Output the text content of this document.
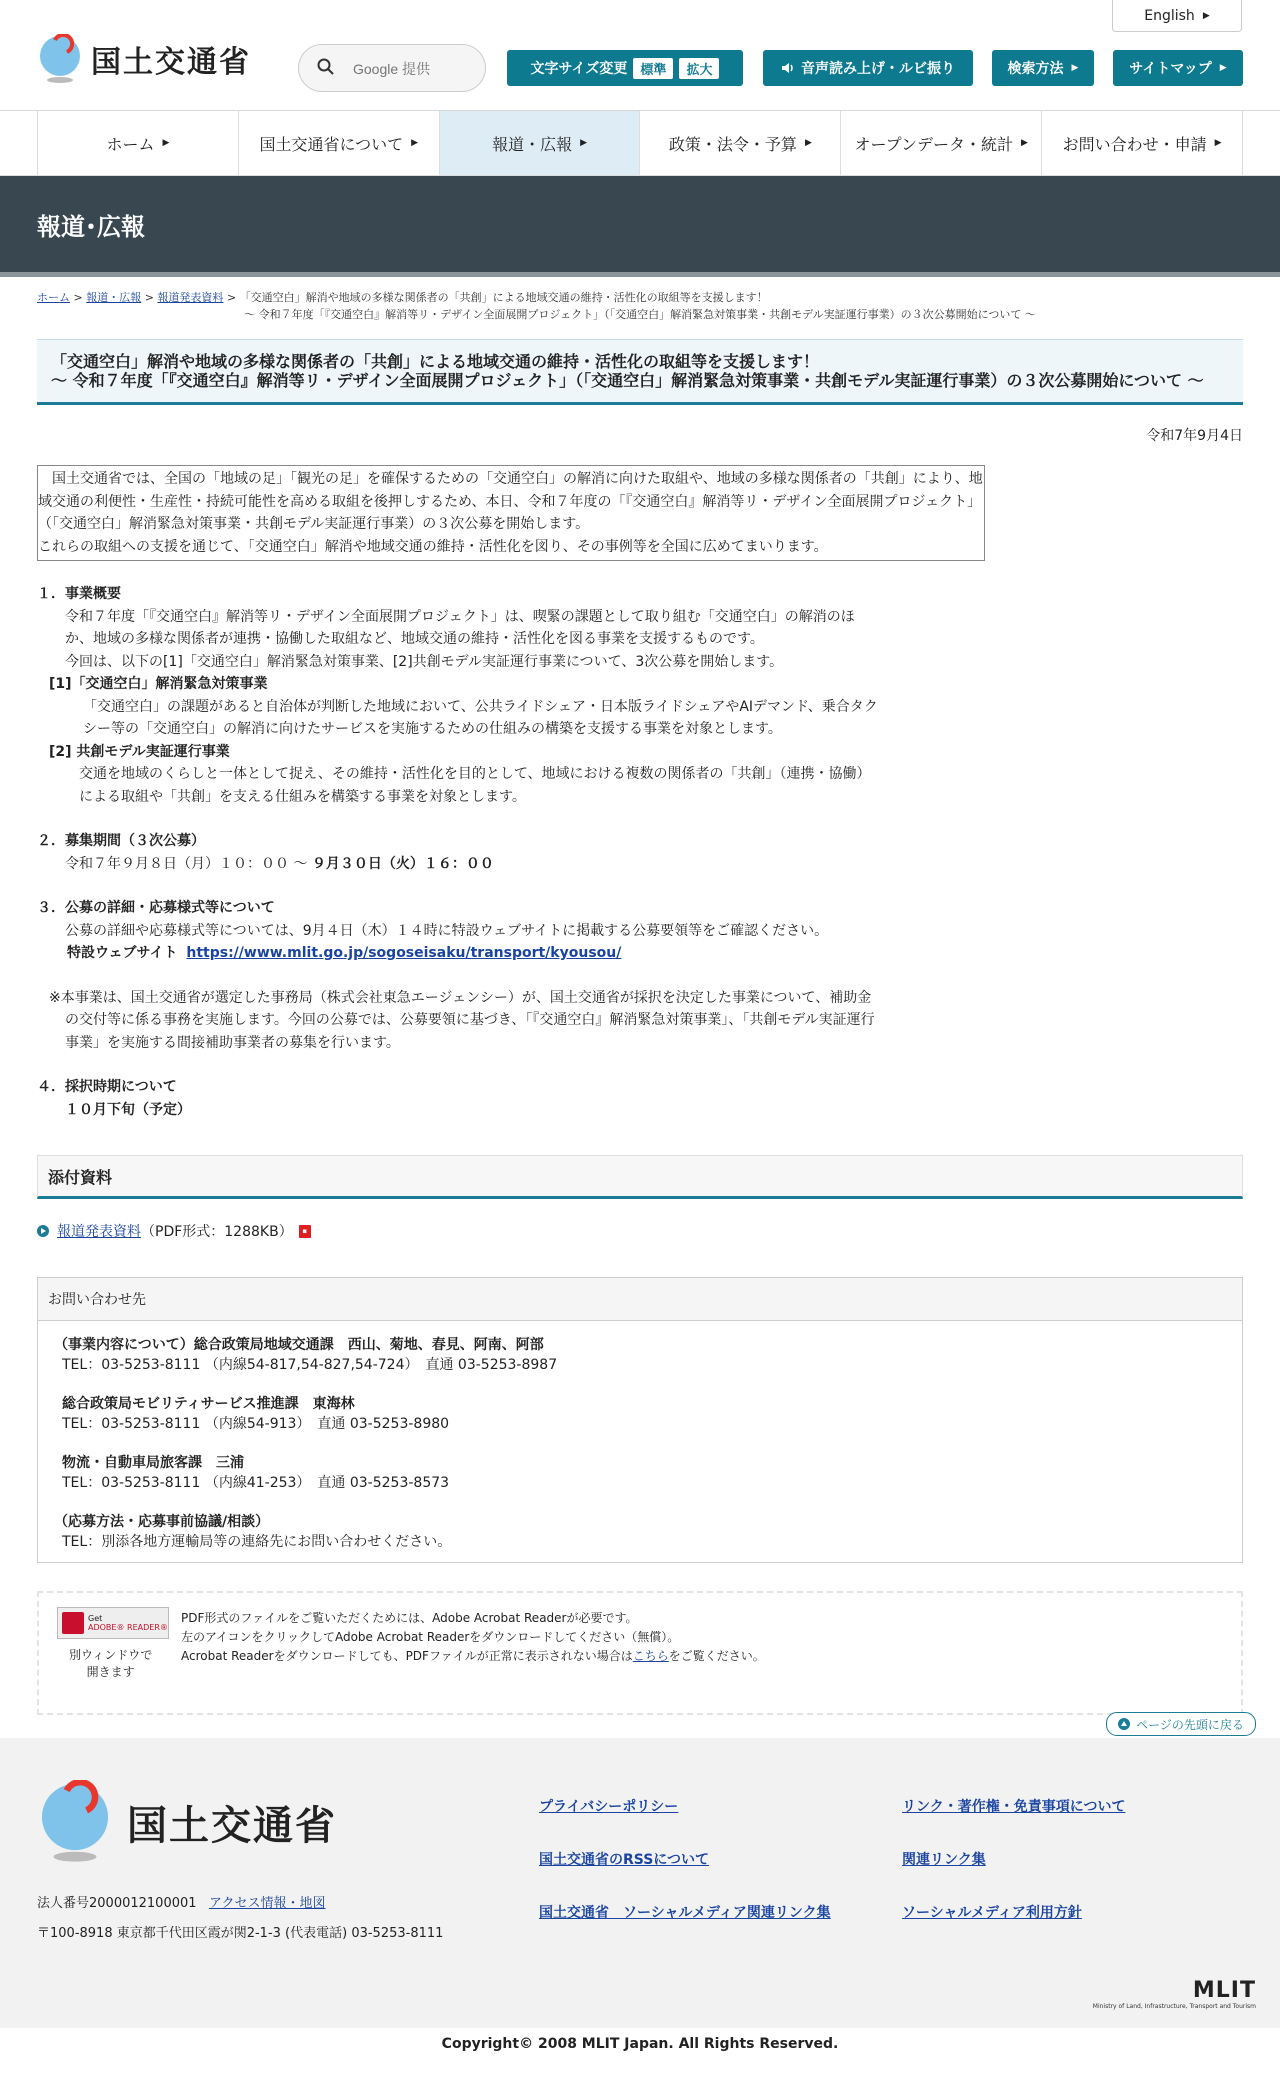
国土交通省
Google 提供
English ▶
文字サイズ変更	標準	拡大	音声読み上げ・ルビ振り	検索方法 ▶	サイトマップ ▶
ホーム ▶	国土交通省について ▶	報道・広報 ▶	政策・法令・予算 ▶	オープンデータ・統計 ▶ お問い合わせ・申請 ▶
報道･広報
ホーム > 報道・広報 > 報道発表資料 > 「交通空白」解消や地域の多様な関係者の「共創」による地域交通の維持・活性化の取組等を支援します！
～ 令和７年度「『交通空白』解消等リ・デザイン全面展開プロジェクト」（「交通空白」解消緊急対策事業・共創モデル実証運行事業）の３次公募開始について ～
「交通空白」解消や地域の多様な関係者の「共創」による地域交通の維持・活性化の取組等を支援します！
～ 令和７年度「『交通空白』解消等リ・デザイン全面展開プロジェクト」（「交通空白」解消緊急対策事業・共創モデル実証運行事業）の３次公募開始について ～
令和7年9月4日

　国土交通省では、全国の「地域の足」「観光の足」を確保するための「交通空白」の解消に向けた取組や、地域の多様な関係者の「共創」により、地域交通の利便性・生産性・持続可能性を高める取組を後押しするため、本日、令和７年度の「『交通空白』解消等リ・デザイン全面展開プロジェクト」（「交通空白」解消緊急対策事業・共創モデル実証運行事業）の３次公募を開始します。

これらの取組への支援を通じて、「交通空白」解消や地域交通の維持・活性化を図り、その事例等を全国に広めてまいります。

１．事業概要

　令和７年度「『交通空白』解消等リ・デザイン全面展開プロジェクト」は、喫緊の課題として取り組む「交通空白」の解消のほ

　か、地域の多様な関係者が連携・協働した取組など、地域交通の維持・活性化を図る事業を支援するものです。

　今回は、以下の[1]「交通空白」解消緊急対策事業、[2]共創モデル実証運行事業について、3次公募を開始します。

[1]「交通空白」解消緊急対策事業

「交通空白」の課題があると自治体が判断した地域において、公共ライドシェア・日本版ライドシェアやAIデマンド、乗合タク

シー等の「交通空白」の解消に向けたサービスを実施するための仕組みの構築を支援する事業を対象とします。

[2] 共創モデル実証運行事業

交通を地域のくらしと一体として捉え、その維持・活性化を目的として、地域における複数の関係者の「共創」（連携・協働）

による取組や「共創」を支える仕組みを構築する事業を対象とします。

２．募集期間（３次公募）

令和７年９月８日（月）１０：００ ～ ９月３０日（火）１６：００

３．公募の詳細・応募様式等について

公募の詳細や応募様式等については、9月４日（木）１４時に特設ウェブサイトに掲載する公募要領等をご確認ください。

特設ウェブサイト https://www.mlit.go.jp/sogoseisaku/transport/kyousou/

※本事業は、国土交通省が選定した事務局（株式会社東急エージェンシー）が、国土交通省が採択を決定した事業について、補助金

の交付等に係る事務を実施します。今回の公募では、公募要領に基づき、「『交通空白』解消緊急対策事業」、「共創モデル実証運行

事業」を実施する間接補助事業者の募集を行います。

４．採択時期について

１０月下旬（予定）

添付資料
報道発表資料 （PDF形式：1288KB）	▪
お問い合わせ先

（事業内容について）総合政策局地域交通課　西山、菊地、春見、阿南、阿部

TEL：03-5253-8111 （内線54-817,54-827,54-724）　直通 03-5253-8987

総合政策局モビリティサービス推進課　東海林

TEL：03-5253-8111 （内線54-913）　直通 03-5253-8980

物流・自動車局旅客課　三浦

TEL：03-5253-8111 （内線41-253）　直通 03-5253-8573

（応募方法・応募事前協議/相談）

TEL：別添各地方運輸局等の連絡先にお問い合わせください。

Get
ADOBE® READER®
別ウィンドウで
開きます
PDF形式のファイルをご覧いただくためには、Adobe Acrobat Readerが必要です。
左のアイコンをクリックしてAdobe Acrobat Readerをダウンロードしてください（無償）。
Acrobat Readerをダウンロードしても、PDFファイルが正常に表示されない場合はこちらをご覧ください。
ページの先頭に戻る
国土交通省

法人番号2000012100001 アクセス情報・地図

〒100-8918 東京都千代田区霞が関2-1-3 (代表電話) 03-5253-8111

プライバシーポリシー
国土交通省のRSSについて
国土交通省　ソーシャルメディア関連リンク集
リンク・著作権・免責事項について
関連リンク集
ソーシャルメディア利用方針
MLIT
Ministry of Land, Infrastructure, Transport and Tourism
Copyright© 2008 MLIT Japan. All Rights Reserved.
